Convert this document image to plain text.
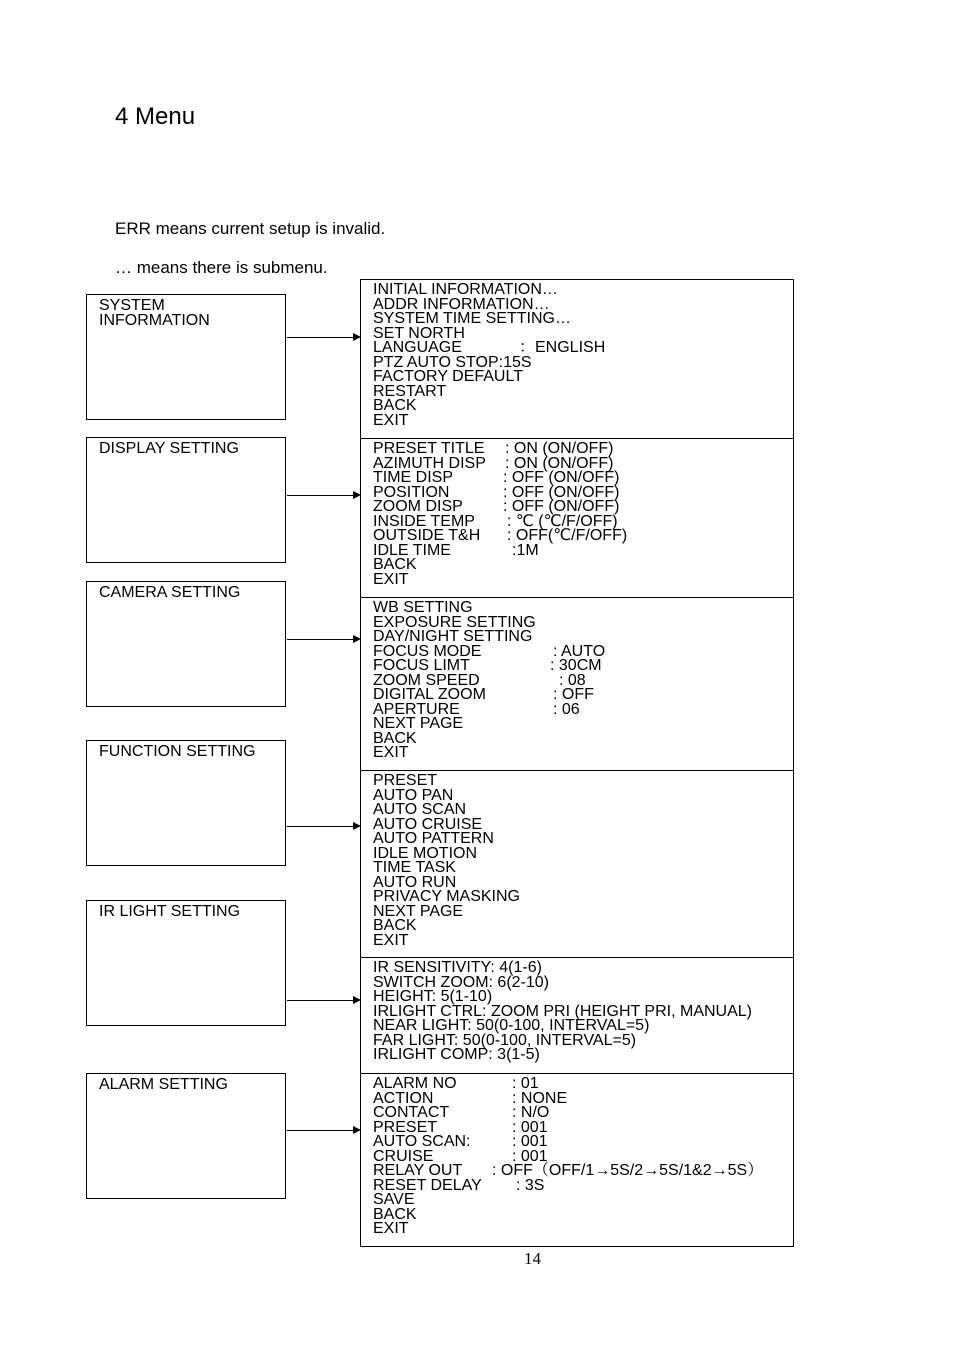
4 Menu
ERR means current setup is invalid.
… means there is submenu.
SYSTEM
INFORMATION
INITIAL INFORMATION…
ADDR INFORMATION…
SYSTEM TIME SETTING…
SET NORTH
LANGUAGE	：ENGLISH
PTZ AUTO STOP:15S
FACTORY DEFAULT
RESTART
BACK
EXIT
DISPLAY SETTING	PRESET TITLE : ON (ON/OFF)
AZIMUTH DISP : ON (ON/OFF)
TIME DISP	: OFF (ON/OFF)
POSITION	: OFF (ON/OFF)
ZOOM DISP	: OFF (ON/OFF)
INSIDE TEMP : ℃ (℃/F/OFF)
OUTSIDE T&H : OFF(℃/F/OFF)
IDLE TIME	:1M
BACK
EXIT
CAMERA SETTING
WB SETTING
EXPOSURE SETTING
DAY/NIGHT SETTING
FOCUS MODE	: AUTO
FOCUS LIMT	: 30CM
ZOOM SPEED	: 08
DIGITAL ZOOM	: OFF
APERTURE	: 06
NEXT PAGE
BACK
EXIT
FUNCTION SETTING
PRESET
AUTO PAN
AUTO SCAN
AUTO CRUISE
AUTO PATTERN
IDLE MOTION
TIME TASK
AUTO RUN
PRIVACY MASKING
NEXT PAGE
BACK
EXIT
IR LIGHT SETTING
IR SENSITIVITY: 4(1-6)
SWITCH ZOOM: 6(2-10)
HEIGHT: 5(1-10)
IRLIGHT CTRL: ZOOM PRI (HEIGHT PRI, MANUAL)
NEAR LIGHT: 50(0-100, INTERVAL=5)
FAR LIGHT: 50(0-100, INTERVAL=5)
IRLIGHT COMP: 3(1-5)
ALARM SETTING	ALARM NO	: 01
ACTION	: NONE
CONTACT	: N/O
PRESET	: 001
AUTO SCAN:	: 001
CRUISE	: 001
RELAY OUT : OFF（OFF/1→5S/2→5S/1&2→5S）
RESET DELAY : 3S
SAVE
BACK
EXIT
14
